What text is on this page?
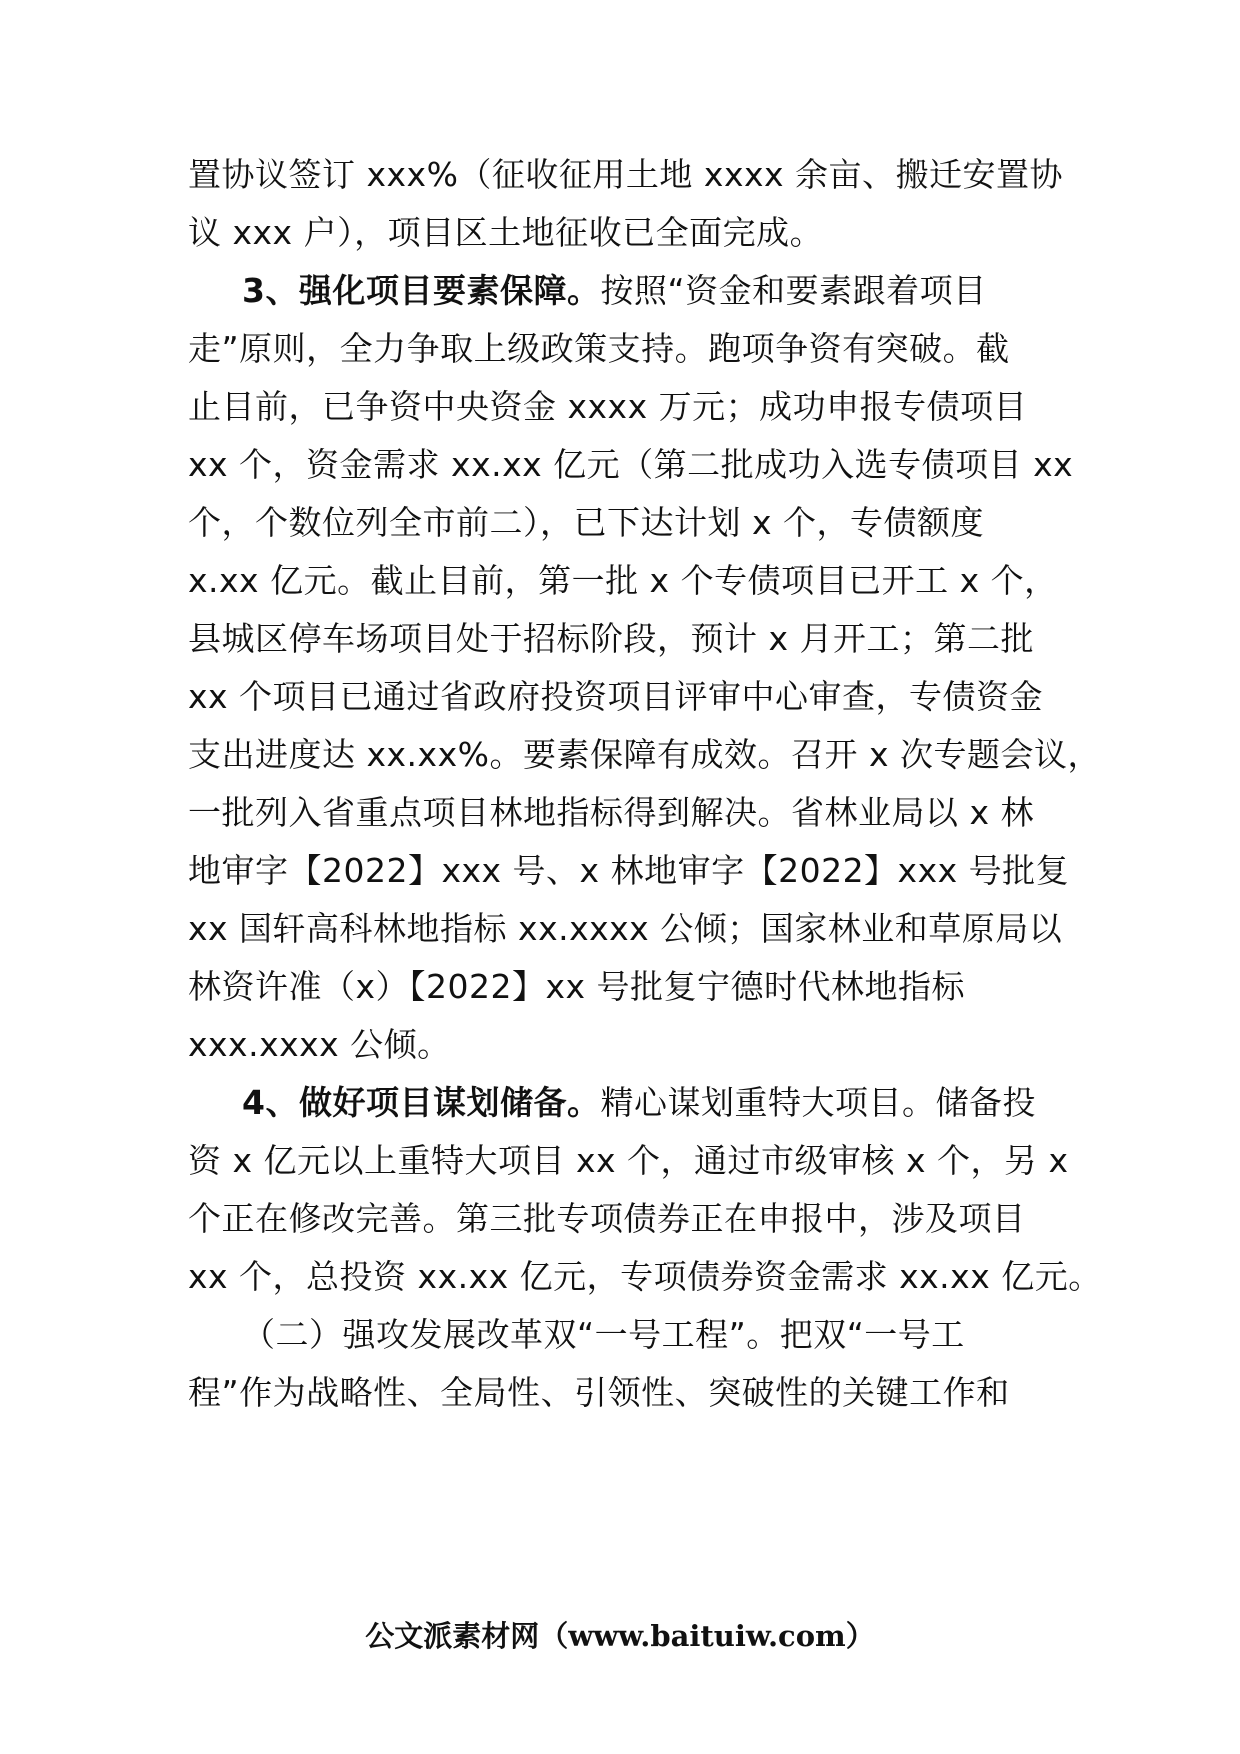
置协议签订 xxx%（征收征用土地 xxxx 余亩、搬迁安置协
议 xxx 户），项目区土地征收已全面完成。
3、强化项目要素保障。按照“资金和要素跟着项目
走”原则，全力争取上级政策支持。跑项争资有突破。截
止目前，已争资中央资金 xxxx 万元；成功申报专债项目
xx 个，资金需求 xx.xx 亿元（第二批成功入选专债项目 xx
个，个数位列全市前二），已下达计划 x 个，专债额度
x.xx 亿元。截止目前，第一批 x 个专债项目已开工 x 个，
县城区停车场项目处于招标阶段，预计 x 月开工；第二批
xx 个项目已通过省政府投资项目评审中心审查，专债资金
支出进度达 xx.xx%。要素保障有成效。召开 x 次专题会议，
一批列入省重点项目林地指标得到解决。省林业局以 x 林
地审字【2022】xxx 号、x 林地审字【2022】xxx 号批复
xx 国轩高科林地指标 xx.xxxx 公倾；国家林业和草原局以
林资许准（x）【2022】xx 号批复宁德时代林地指标
xxx.xxxx 公倾。
4、做好项目谋划储备。精心谋划重特大项目。储备投
资 x 亿元以上重特大项目 xx 个，通过市级审核 x 个，另 x
个正在修改完善。第三批专项债券正在申报中，涉及项目
xx 个，总投资 xx.xx 亿元，专项债券资金需求 xx.xx 亿元。
（二）强攻发展改革双“一号工程”。把双“一号工
程”作为战略性、全局性、引领性、突破性的关键工作和
公文派素材网（www.baituiw.com）
